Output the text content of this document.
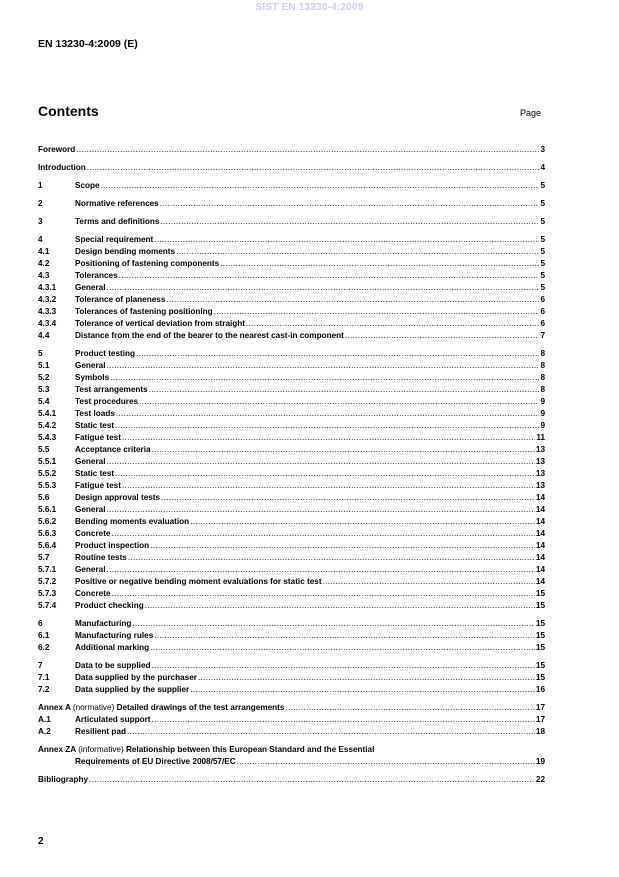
SIST EN 13230-4:2009
EN 13230-4:2009 (E)
Contents	Page
Foreword .....	3
Introduction .....	4
1	Scope .....	5
2	Normative references .....	5
3	Terms and definitions .....	5
4	Special requirement .....	5
4.1	Design bending moments .....	5
4.2	Positioning of fastening components .....	5
4.3	Tolerances .....	5
4.3.1	General .....	5
4.3.2	Tolerance of planeness .....	6
4.3.3	Tolerances of fastening positioning .....	6
4.3.4	Tolerance of vertical deviation from straight .....	6
4.4	Distance from the end of the bearer to the nearest cast-in component .....	7
5	Product testing .....	8
5.1	General .....	8
5.2	Symbols .....	8
5.3	Test arrangements .....	8
5.4	Test procedures .....	9
5.4.1	Test loads .....	9
5.4.2	Static test .....	9
5.4.3	Fatigue test .....	11
5.5	Acceptance criteria .....	13
5.5.1	General .....	13
5.5.2	Static test .....	13
5.5.3	Fatigue test .....	13
5.6	Design approval tests .....	14
5.6.1	General .....	14
5.6.2	Bending moments evaluation .....	14
5.6.3	Concrete .....	14
5.6.4	Product inspection .....	14
5.7	Routine tests .....	14
5.7.1	General .....	14
5.7.2	Positive or negative bending moment evaluations for static test .....	14
5.7.3	Concrete .....	15
5.7.4	Product checking .....	15
6	Manufacturing .....	15
6.1	Manufacturing rules .....	15
6.2	Additional marking .....	15
7	Data to be supplied .....	15
7.1	Data supplied by the purchaser .....	15
7.2	Data supplied by the supplier .....	16
Annex A (normative) Detailed drawings of the test arrangements .....	17
A.1	Articulated support .....	17
A.2	Resilient pad .....	18
Annex ZA (informative) Relationship between this European Standard and the Essential
Requirements of EU Directive 2008/57/EC .....	19
Bibliography .....	22
2
